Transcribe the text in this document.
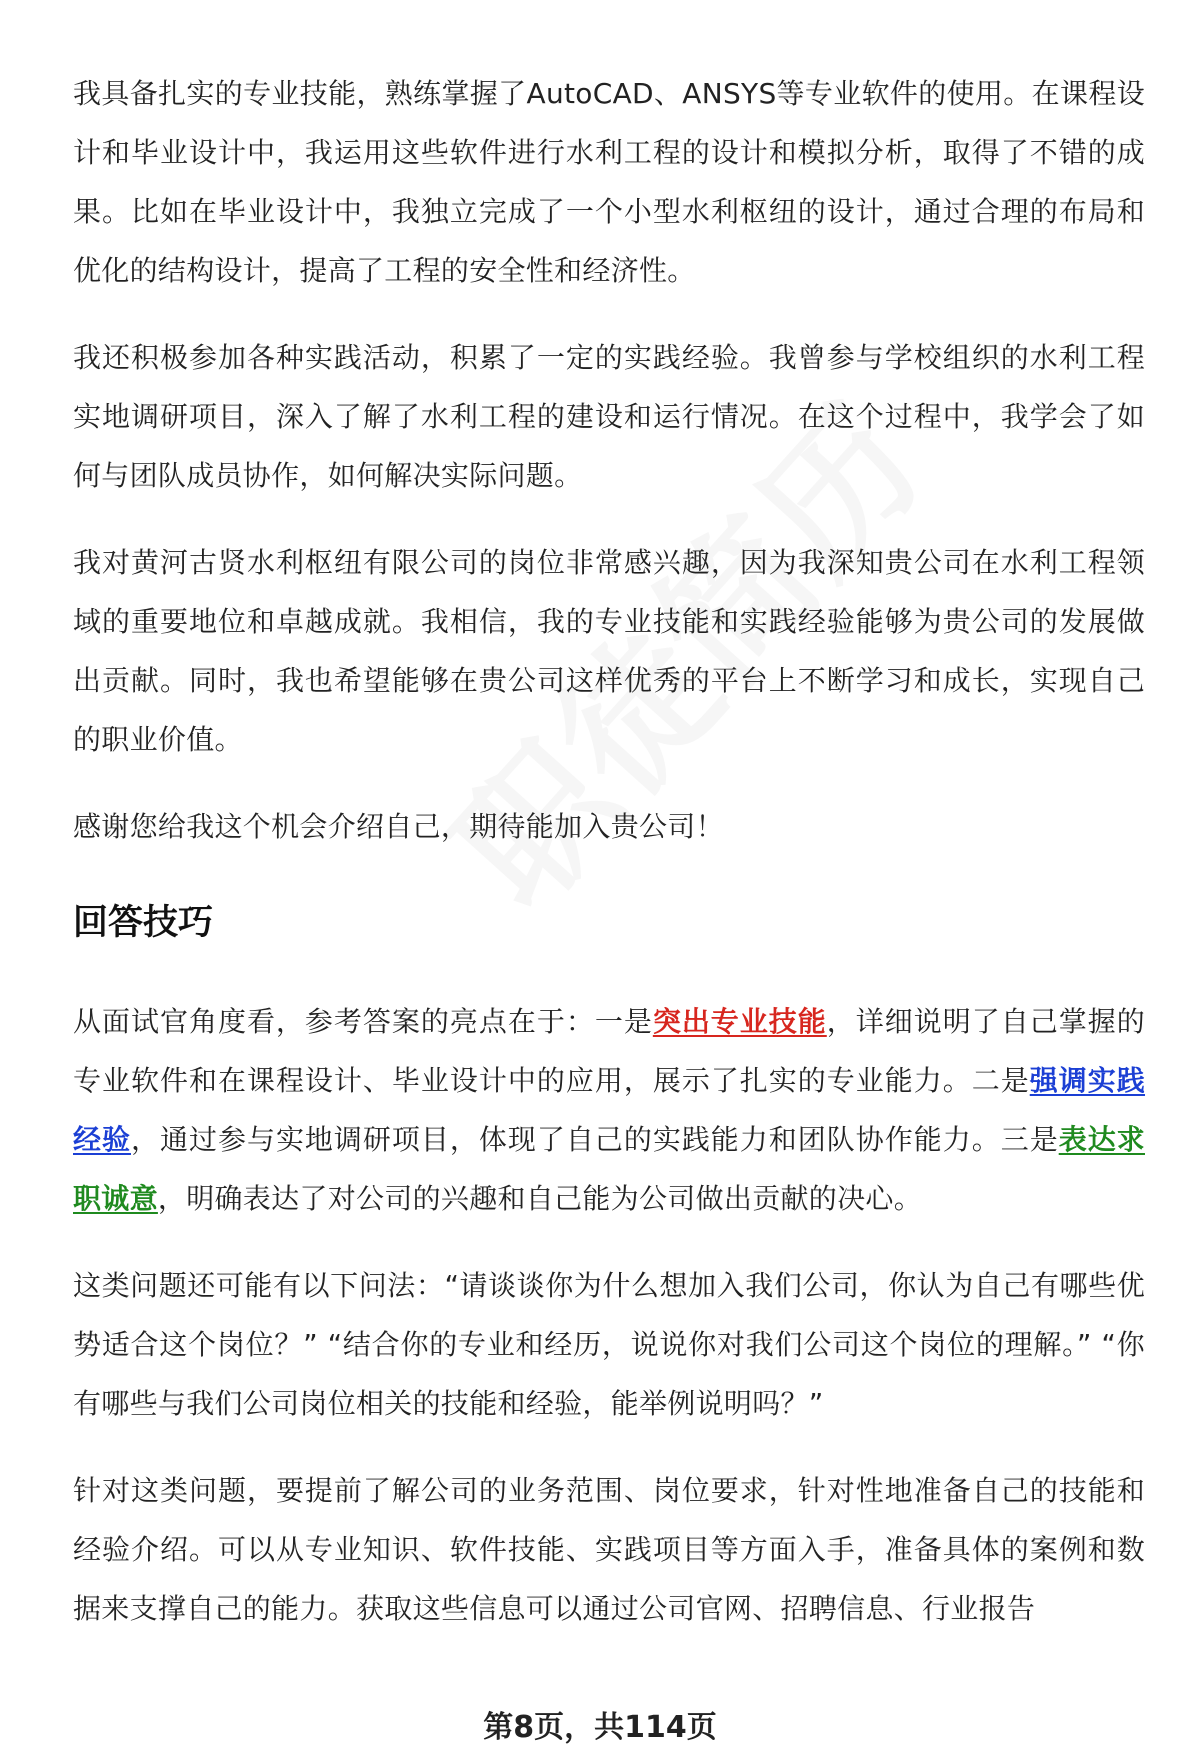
我具备扎实的专业技能，熟练掌握了AutoCAD、ANSYS等专业软件的使用。在课程设计和毕业设计中，我运用这些软件进行水利工程的设计和模拟分析，取得了不错的成果。比如在毕业设计中，我独立完成了一个小型水利枢纽的设计，通过合理的布局和优化的结构设计，提高了工程的安全性和经济性。

我还积极参加各种实践活动，积累了一定的实践经验。我曾参与学校组织的水利工程实地调研项目，深入了解了水利工程的建设和运行情况。在这个过程中，我学会了如何与团队成员协作，如何解决实际问题。

我对黄河古贤水利枢纽有限公司的岗位非常感兴趣，因为我深知贵公司在水利工程领域的重要地位和卓越成就。我相信，我的专业技能和实践经验能够为贵公司的发展做出贡献。同时，我也希望能够在贵公司这样优秀的平台上不断学习和成长，实现自己的职业价值。

感谢您给我这个机会介绍自己，期待能加入贵公司！

回答技巧

从面试官角度看，参考答案的亮点在于：一是突出专业技能，详细说明了自己掌握的专业软件和在课程设计、毕业设计中的应用，展示了扎实的专业能力。二是强调实践经验，通过参与实地调研项目，体现了自己的实践能力和团队协作能力。三是表达求职诚意，明确表达了对公司的兴趣和自己能为公司做出贡献的决心。

这类问题还可能有以下问法：“请谈谈你为什么想加入我们公司，你认为自己有哪些优势适合这个岗位？” “结合你的专业和经历，说说你对我们公司这个岗位的理解。” “你有哪些与我们公司岗位相关的技能和经验，能举例说明吗？”

针对这类问题，要提前了解公司的业务范围、岗位要求，针对性地准备自己的技能和经验介绍。可以从专业知识、软件技能、实践项目等方面入手，准备具体的案例和数据来支撑自己的能力。获取这些信息可以通过公司官网、招聘信息、行业报告

第8页，共114页
